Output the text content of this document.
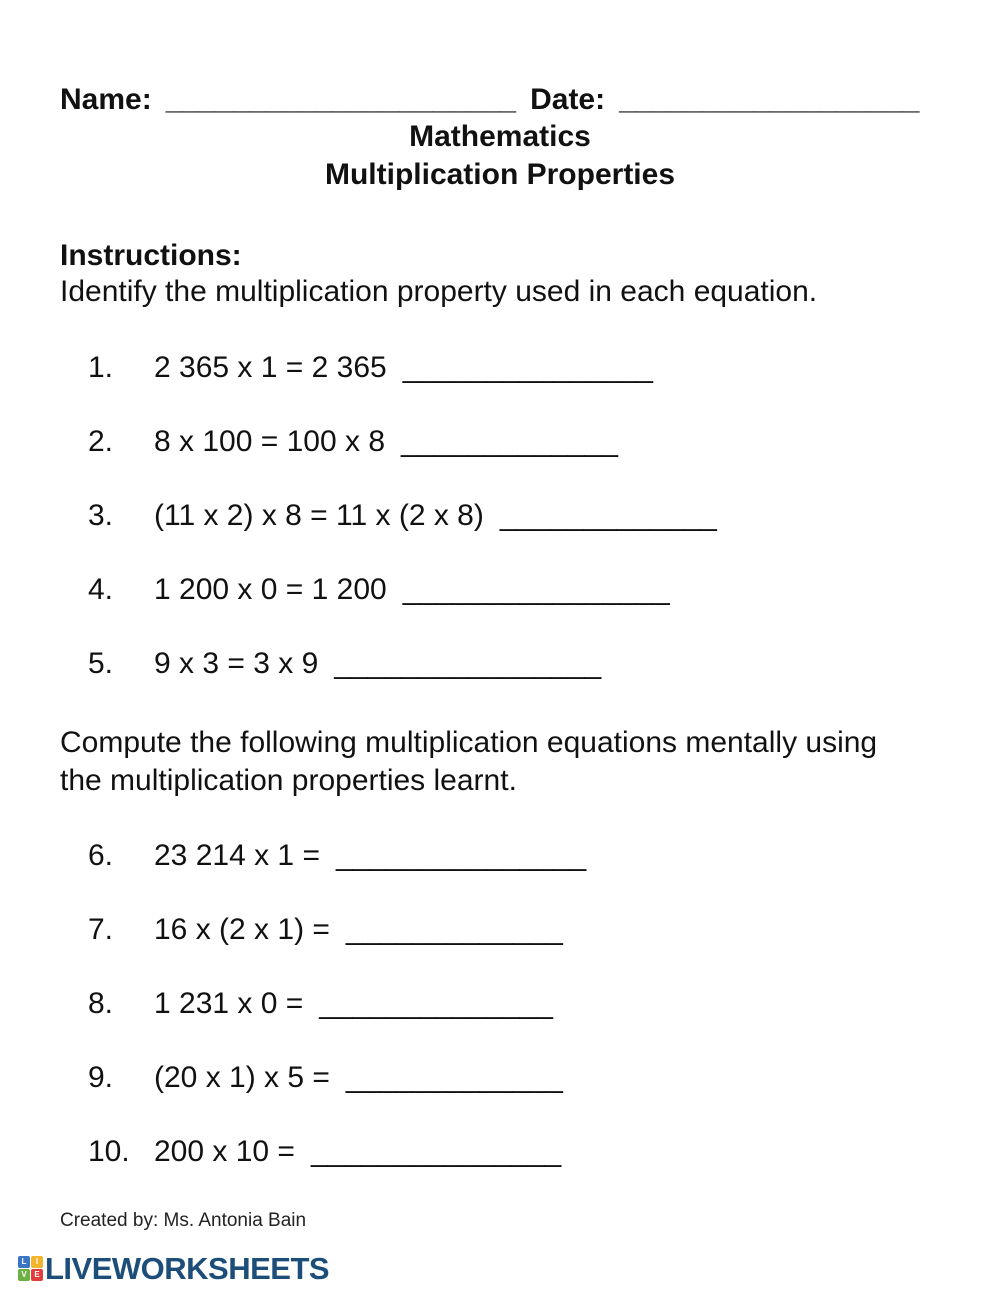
Name: _____________________ Date: __________________
Mathematics
Multiplication Properties
Instructions:
Identify the multiplication property used in each equation.
1. 2 365 x 1 = 2 365 _______________
2. 8 x 100 = 100 x 8 _____________
3. (11 x 2) x 8 = 11 x (2 x 8) _____________
4. 1 200 x 0 = 1 200 ________________
5. 9 x 3 = 3 x 9 ________________
Compute the following multiplication equations mentally using the multiplication properties learnt.
6. 23 214 x 1 = _______________
7. 16 x (2 x 1) = _____________
8. 1 231 x 0 = ______________
9. (20 x 1) x 5 = _____________
10. 200 x 10 = _______________
Created by: Ms. Antonia Bain
L	I
V E LIVEWORKSHEETS
